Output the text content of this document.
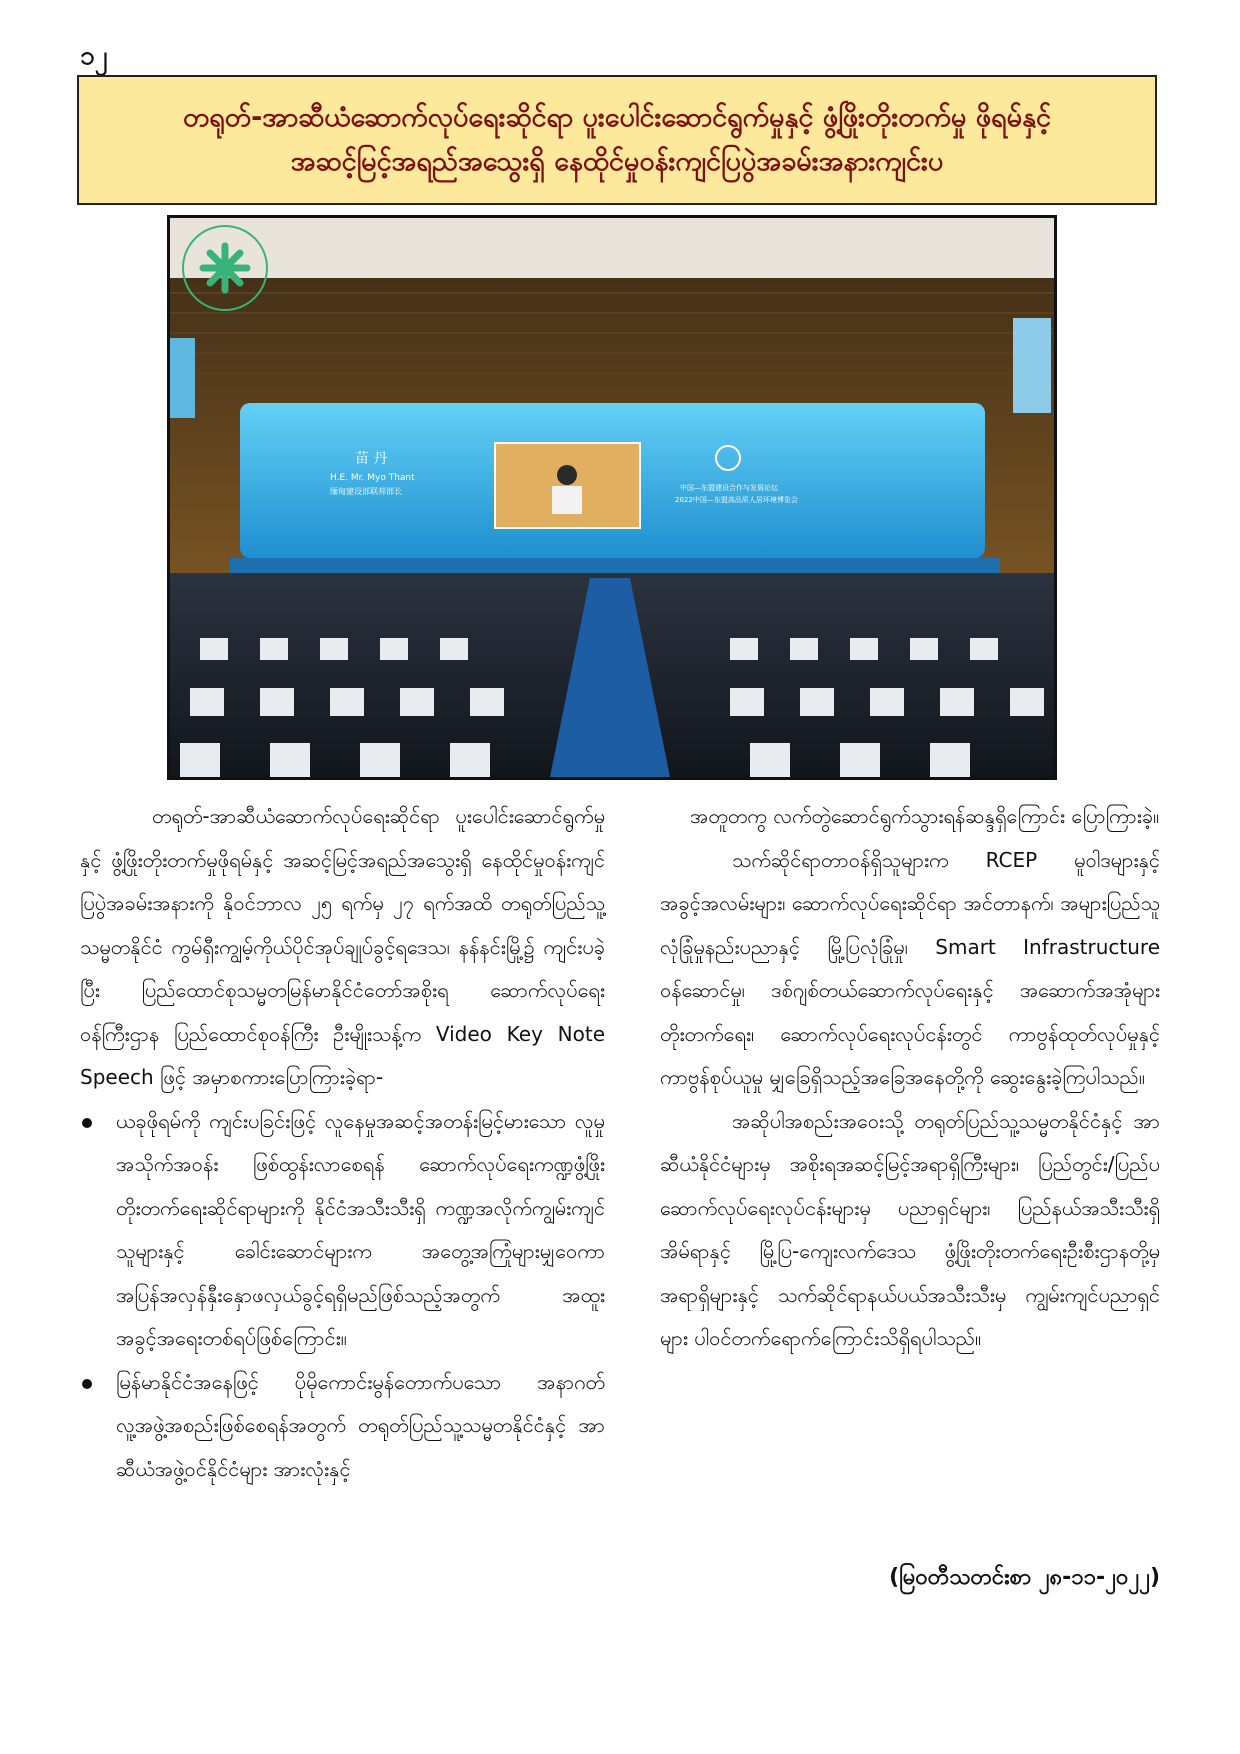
၁၂
တရုတ်-အာဆီယံဆောက်လုပ်ရေးဆိုင်ရာ ပူးပေါင်းဆောင်ရွက်မှုနှင့် ဖွံ့ဖြိုးတိုးတက်မှု ဖိုရမ်နှင့်
အဆင့်မြင့်အရည်အသွေးရှိ နေထိုင်မှုဝန်းကျင်ပြပွဲအခမ်းအနားကျင်းပ
苗 丹
H.E. Mr. Myo Thant
缅甸建设部联邦部长	中国—东盟建设合作与发展论坛
2022中国—东盟高品质人居环境博览会
တရုတ်-အာဆီယံဆောက်လုပ်ရေးဆိုင်ရာ ပူးပေါင်းဆောင်ရွက်မှုနှင့် ဖွံ့ဖြိုးတိုးတက်မှုဖိုရမ်နှင့် အဆင့်မြင့်အရည်အသွေးရှိ နေထိုင်မှုဝန်းကျင်ပြပွဲအခမ်းအနားကို နိုဝင်ဘာလ ၂၅ ရက်မှ ၂၇ ရက်အထိ တရုတ်ပြည်သူ့သမ္မတနိုင်ငံ ကွမ်ရှီးကျွမ့်ကိုယ်ပိုင်အုပ်ချုပ်ခွင့်ရဒေသ၊ နန်နင်းမြို့၌ ကျင်းပခဲ့ပြီး ပြည်ထောင်စုသမ္မတမြန်မာနိုင်ငံတော်အစိုးရ ဆောက်လုပ်ရေးဝန်ကြီးဌာန ပြည်ထောင်စုဝန်ကြီး ဦးမျိုးသန့်က Video Key Note Speech ဖြင့် အမှာစကားပြောကြားခဲ့ရာ-
ယခုဖိုရမ်ကို ကျင်းပခြင်းဖြင့် လူနေမှုအဆင့်အတန်းမြင့်မားသော လူမှုအသိုက်အဝန်း ဖြစ်ထွန်းလာစေရန် ဆောက်လုပ်ရေးကဏ္ဍဖွံ့ဖြိုးတိုးတက်ရေးဆိုင်ရာများကို နိုင်ငံအသီးသီးရှိ ကဏ္ဍအလိုက်ကျွမ်းကျင်သူများနှင့် ခေါင်းဆောင်များက အတွေ့အကြုံများမျှဝေကာ အပြန်အလှန်နှီးနှောဖလှယ်ခွင့်ရရှိမည်ဖြစ်သည့်အတွက် အထူးအခွင့်အရေးတစ်ရပ်ဖြစ်ကြောင်း။
မြန်မာနိုင်ငံအနေဖြင့် ပိုမိုကောင်းမွန်တောက်ပသော အနာဂတ်လူ့အဖွဲ့အစည်းဖြစ်စေရန်အတွက် တရုတ်ပြည်သူ့သမ္မတနိုင်ငံနှင့် အာဆီယံအဖွဲ့ဝင်နိုင်ငံများ အားလုံးနှင့်
အတူတကွ လက်တွဲဆောင်ရွက်သွားရန်ဆန္ဒရှိကြောင်း ပြောကြားခဲ့။
သက်ဆိုင်ရာတာဝန်ရှိသူများက RCEP မူဝါဒများနှင့် အခွင့်အလမ်းများ၊ ဆောက်လုပ်ရေးဆိုင်ရာ အင်တာနက်၊ အများပြည်သူလုံခြုံမှုနည်းပညာနှင့် မြို့ပြလုံခြုံမှု၊ Smart Infrastructure ဝန်ဆောင်မှု၊ ဒစ်ဂျစ်တယ်ဆောက်လုပ်ရေးနှင့် အဆောက်အအုံများ တိုးတက်ရေး၊ ဆောက်လုပ်ရေးလုပ်ငန်းတွင် ကာဗွန်ထုတ်လုပ်မှုနှင့် ကာဗွန်စုပ်ယူမှု မျှခြေရှိသည့်အခြေအနေတို့ကို ဆွေးနွေးခဲ့ကြပါသည်။
အဆိုပါအစည်းအဝေးသို့ တရုတ်ပြည်သူ့သမ္မတနိုင်ငံနှင့် အာဆီယံနိုင်ငံများမှ အစိုးရအဆင့်မြင့်အရာရှိကြီးများ၊ ပြည်တွင်း/ပြည်ပဆောက်လုပ်ရေးလုပ်ငန်းများမှ ပညာရှင်များ၊ ပြည်နယ်အသီးသီးရှိ အိမ်ရာနှင့် မြို့ပြ-ကျေးလက်ဒေသ ဖွံ့ဖြိုးတိုးတက်ရေးဦးစီးဌာနတို့မှ အရာရှိများနှင့် သက်ဆိုင်ရာနယ်ပယ်အသီးသီးမှ ကျွမ်းကျင်ပညာရှင်များ ပါဝင်တက်ရောက်ကြောင်းသိရှိရပါသည်။
(မြဝတီသတင်းစာ ၂၈-၁၁-၂၀၂၂)
